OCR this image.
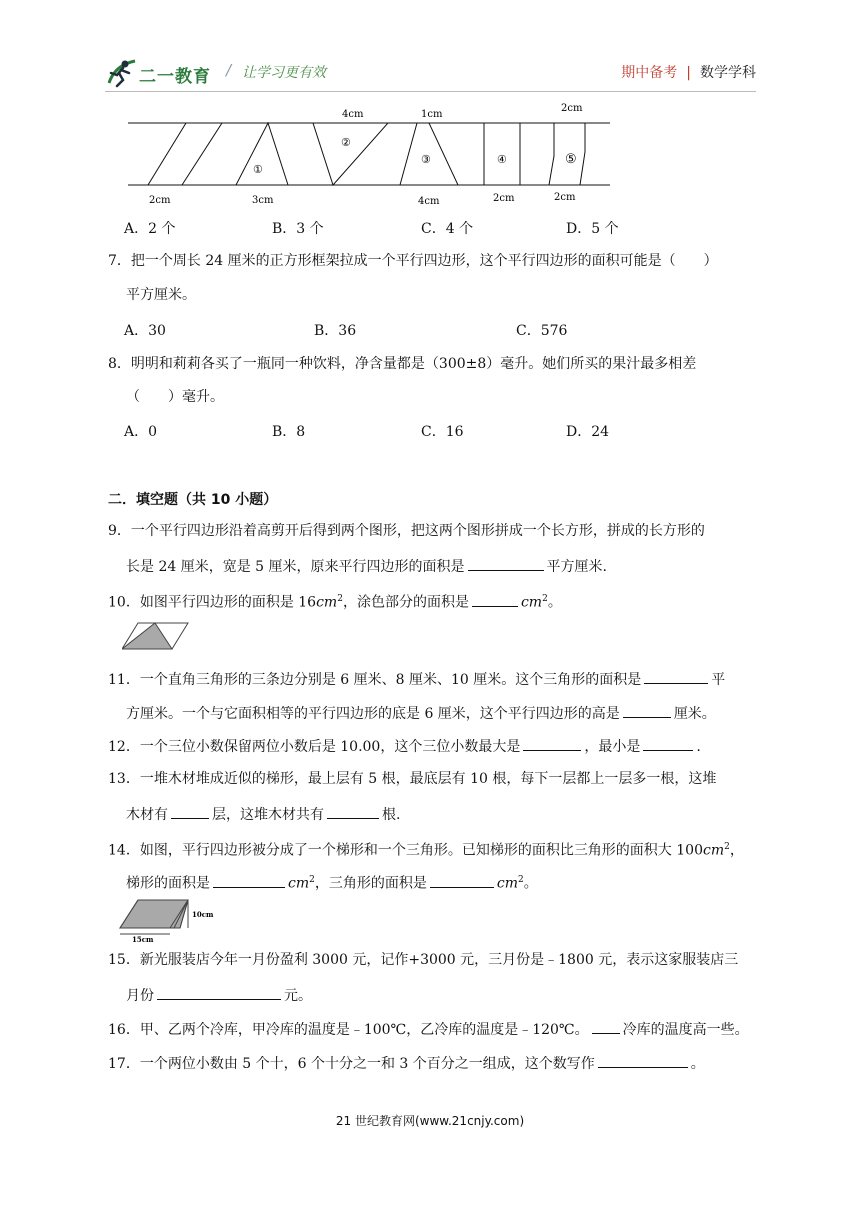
二一教育 / 让学习更有效	期中备考 | 数学学科
4cm	1cm
2cm
2cm	3cm	4cm	2cm	2cm
①
②
③	④	⑤
A．2 个	B．3 个	C．4 个	D．5 个
7．把一个周长 24 厘米的正方形框架拉成一个平行四边形，这个平行四边形的面积可能是（　　）
平方厘米。
A．30	B．36	C．576
8．明明和莉莉各买了一瓶同一种饮料，净含量都是（300±8）毫升。她们所买的果汁最多相差
（　　）毫升。
A．0	B．8	C．16	D．24
二．填空题（共 10 小题）
9．一个平行四边形沿着高剪开后得到两个图形，把这两个图形拼成一个长方形，拼成的长方形的
长是 24 厘米，宽是 5 厘米，原来平行四边形的面积是	平方厘米.
10．如图平行四边形的面积是 $16cm^2$，涂色部分的面积是	$cm^2$。
11．一个直角三角形的三条边分别是 6 厘米、8 厘米、10 厘米。这个三角形的面积是	平
方厘米。一个与它面积相等的平行四边形的底是 6 厘米，这个平行四边形的高是	厘米。
12．一个三位小数保留两位小数后是 10.00，这个三位小数最大是	，最小是	.
13．一堆木材堆成近似的梯形，最上层有 5 根，最底层有 10 根，每下一层都上一层多一根，这堆
木材有	层，这堆木材共有	根.
14．如图，平行四边形被分成了一个梯形和一个三角形。已知梯形的面积比三角形的面积大 $100cm^2$，
梯形的面积是	$cm^2$，三角形的面积是	$cm^2$。
10cm
15cm
15．新光服装店今年一月份盈利 3000 元，记作+3000 元，三月份是﹣1800 元，表示这家服装店三
月份	元。
16．甲、乙两个冷库，甲冷库的温度是﹣100℃，乙冷库的温度是﹣120℃。 冷库的温度高一些。
17．一个两位小数由 5 个十，6 个十分之一和 3 个百分之一组成，这个数写作	。
21 世纪教育网(www.21cnjy.com)
